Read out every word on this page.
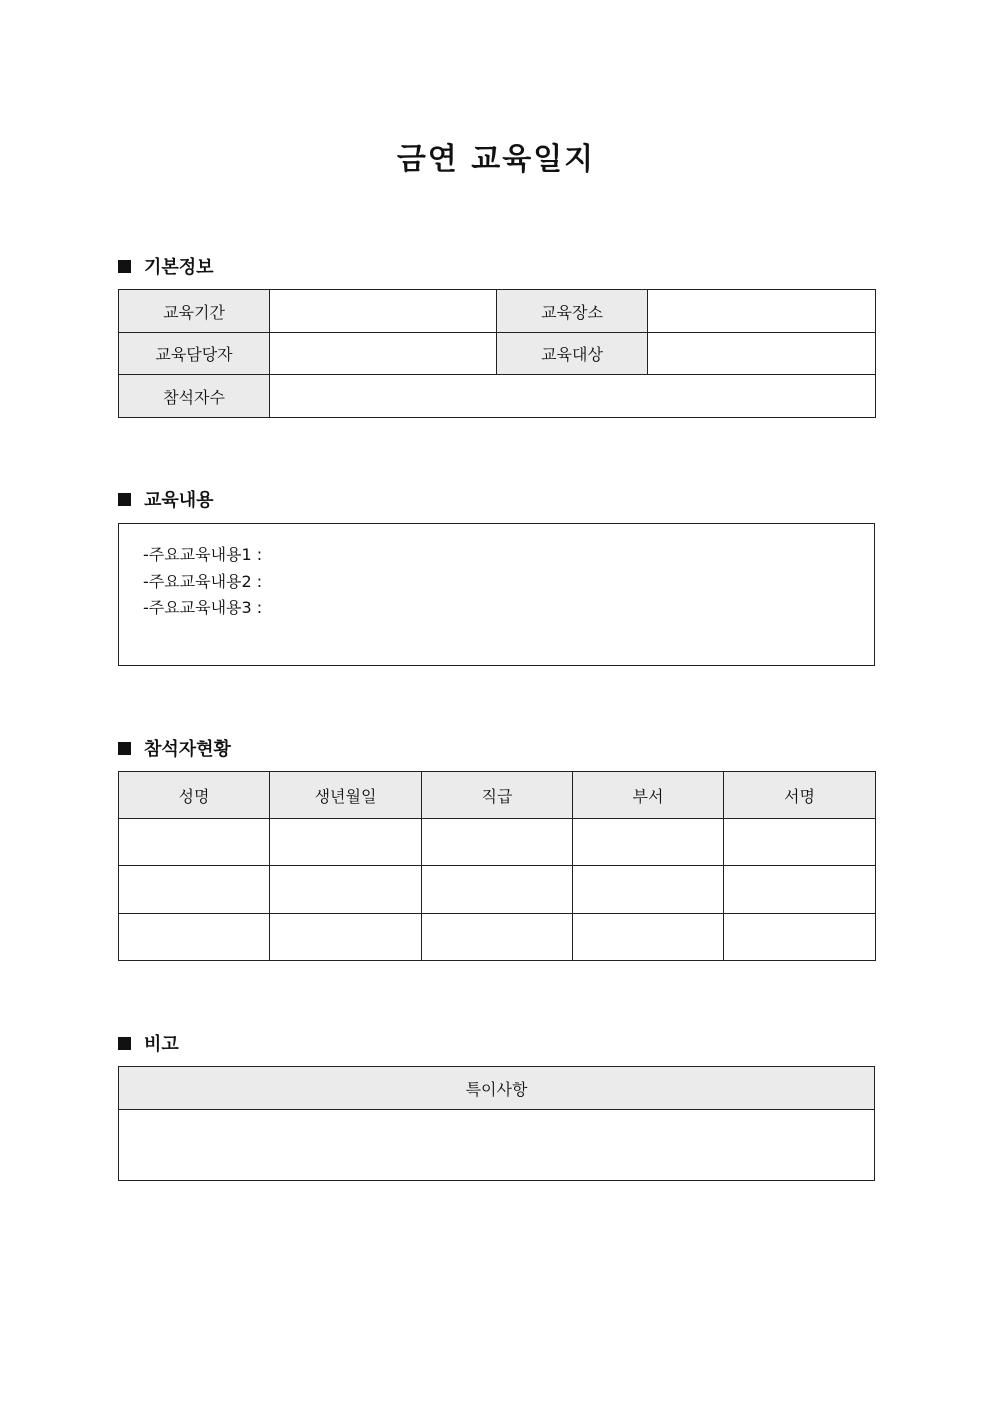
금연 교육일지
기본정보
교육기간		교육장소	
교육담당자		교육대상	
참석자수			
교육내용
-주요교육내용1 :
-주요교육내용2 :
-주요교육내용3 :
참석자현황
성명	생년월일	직급	부서	서명

비고
특이사항
